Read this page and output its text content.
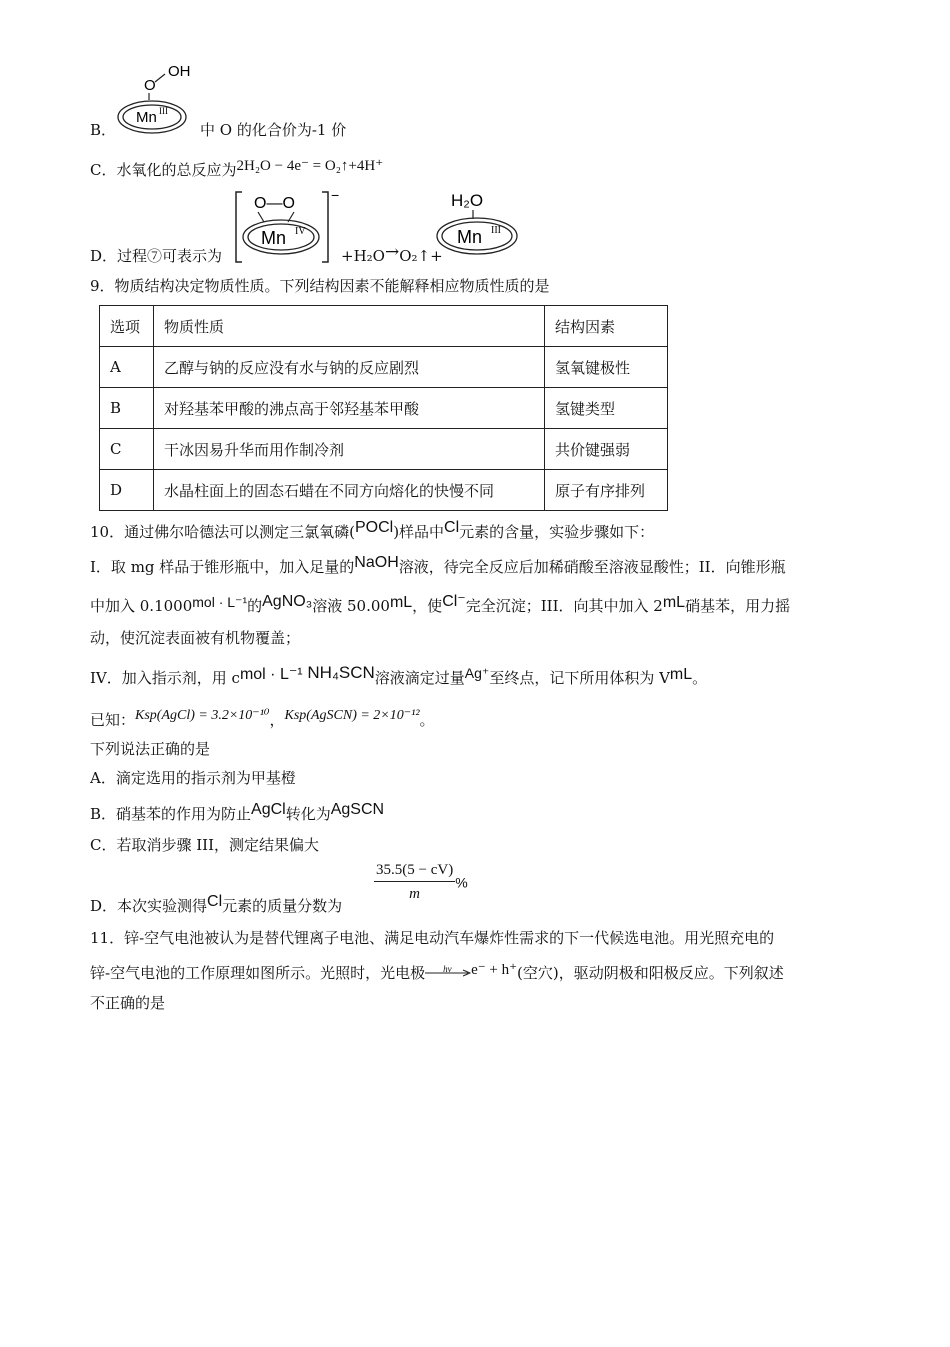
O
OH
Mn III
B．	中 O 的化合价为-1 价
C．水氧化的总反应为2H₂O − 4e⁻ = O₂↑+4H⁺
D．过程⑦可表示为
O—O
Mn IV
−
+H₂O→O₂↑+
H₂O
Mn III
9．物质结构决定物质性质。下列结构因素不能解释相应物质性质的是
选项	物质性质	结构因素
A	乙醇与钠的反应没有水与钠的反应剧烈	氢氧键极性
B	对羟基苯甲酸的沸点高于邻羟基苯甲酸	氢键类型
C	干冰因易升华而用作制冷剂	共价键强弱
D	水晶柱面上的固态石蜡在不同方向熔化的快慢不同	原子有序排列
10．通过佛尔哈德法可以测定三氯氧磷(POCl)样品中Cl元素的含量，实验步骤如下：
I．取 mg 样品于锥形瓶中，加入足量的NaOH溶液，待完全反应后加稀硝酸至溶液显酸性；II．向锥形瓶
中加入 0.1000mol · L⁻¹的AgNO₃溶液 50.00mL，使Cl⁻完全沉淀；III．向其中加入 2mL硝基苯，用力摇
动，使沉淀表面被有机物覆盖；
IV．加入指示剂，用 cmol · L⁻¹ NH₄SCN溶液滴定过量Ag⁺至终点，记下所用体积为 VmL。
已知：Ksp(AgCl) = 3.2×10⁻¹⁰，Ksp(AgSCN) = 2×10⁻¹²。
下列说法正确的是
A．滴定选用的指示剂为甲基橙
B．硝基苯的作用为防止AgCl转化为AgSCN
C．若取消步骤 III，测定结果偏大
D．本次实验测得Cl元素的质量分数为
$\frac{35.5(5 - cV)}{m}$ %
11．锌-空气电池被认为是替代锂离子电池、满足电动汽车爆炸性需求的下一代候选电池。用光照充电的
锌-空气电池的工作原理如图所示。光照时，光电极 hν e⁻ + h⁺(空穴)，驱动阴极和阳极反应。下列叙述
不正确的是
